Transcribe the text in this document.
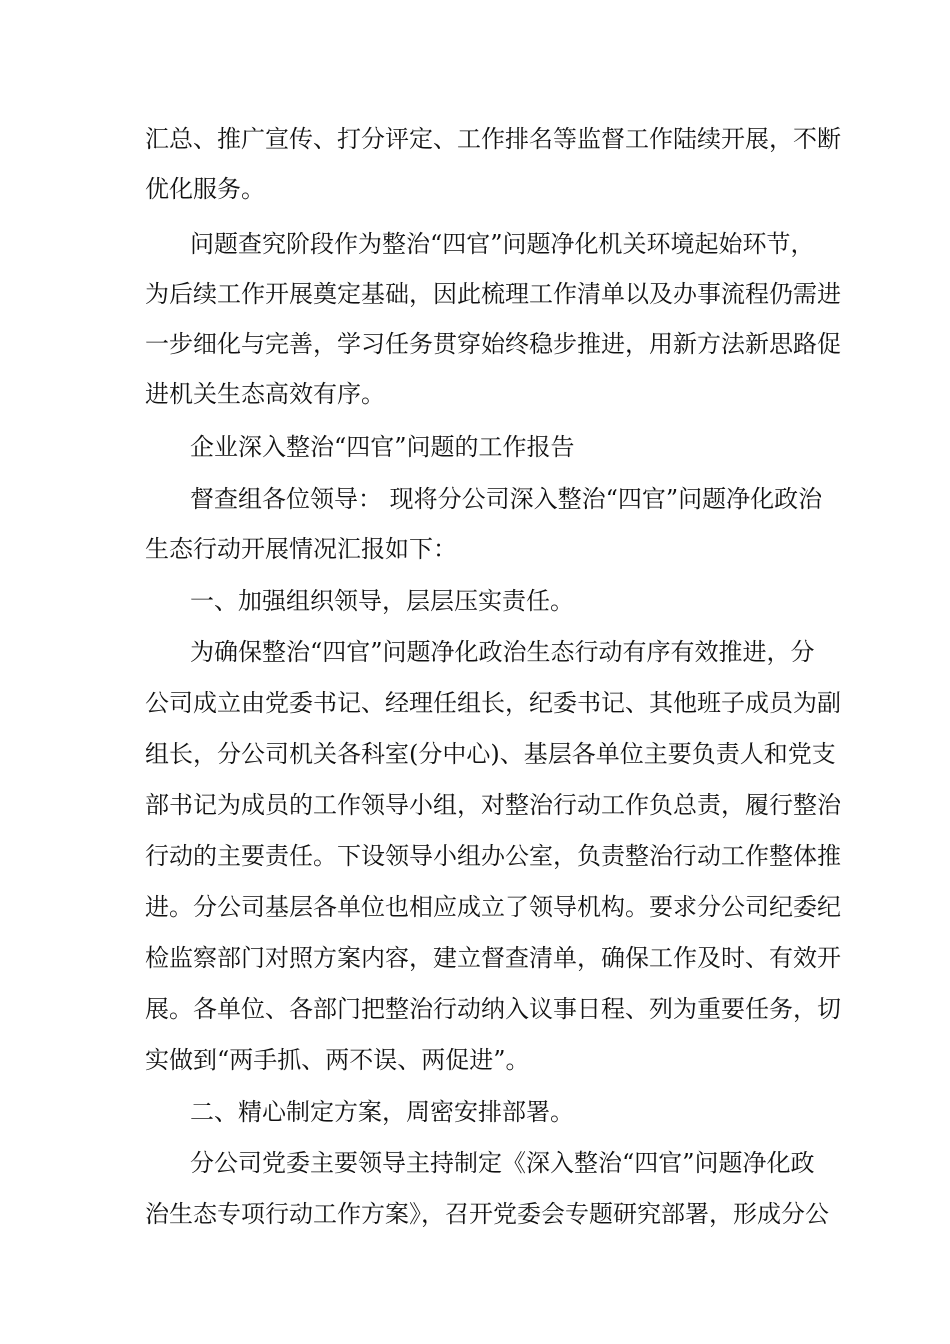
汇总、推广宣传、打分评定、工作排名等监督工作陆续开展，不断
优化服务。
问题查究阶段作为整治“四官”问题净化机关环境起始环节，
为后续工作开展奠定基础，因此梳理工作清单以及办事流程仍需进
一步细化与完善，学习任务贯穿始终稳步推进，用新方法新思路促
进机关生态高效有序。
企业深入整治“四官”问题的工作报告
督查组各位领导： 现将分公司深入整治“四官”问题净化政治
生态行动开展情况汇报如下：
一、加强组织领导，层层压实责任。
为确保整治“四官”问题净化政治生态行动有序有效推进，分
公司成立由党委书记、经理任组长，纪委书记、其他班子成员为副
组长，分公司机关各科室(分中心)、基层各单位主要负责人和党支
部书记为成员的工作领导小组，对整治行动工作负总责，履行整治
行动的主要责任。下设领导小组办公室，负责整治行动工作整体推
进。分公司基层各单位也相应成立了领导机构。要求分公司纪委纪
检监察部门对照方案内容，建立督查清单，确保工作及时、有效开
展。各单位、各部门把整治行动纳入议事日程、列为重要任务，切
实做到“两手抓、两不误、两促进”。
二、精心制定方案，周密安排部署。
分公司党委主要领导主持制定《深入整治“四官”问题净化政
治生态专项行动工作方案》，召开党委会专题研究部署，形成分公
